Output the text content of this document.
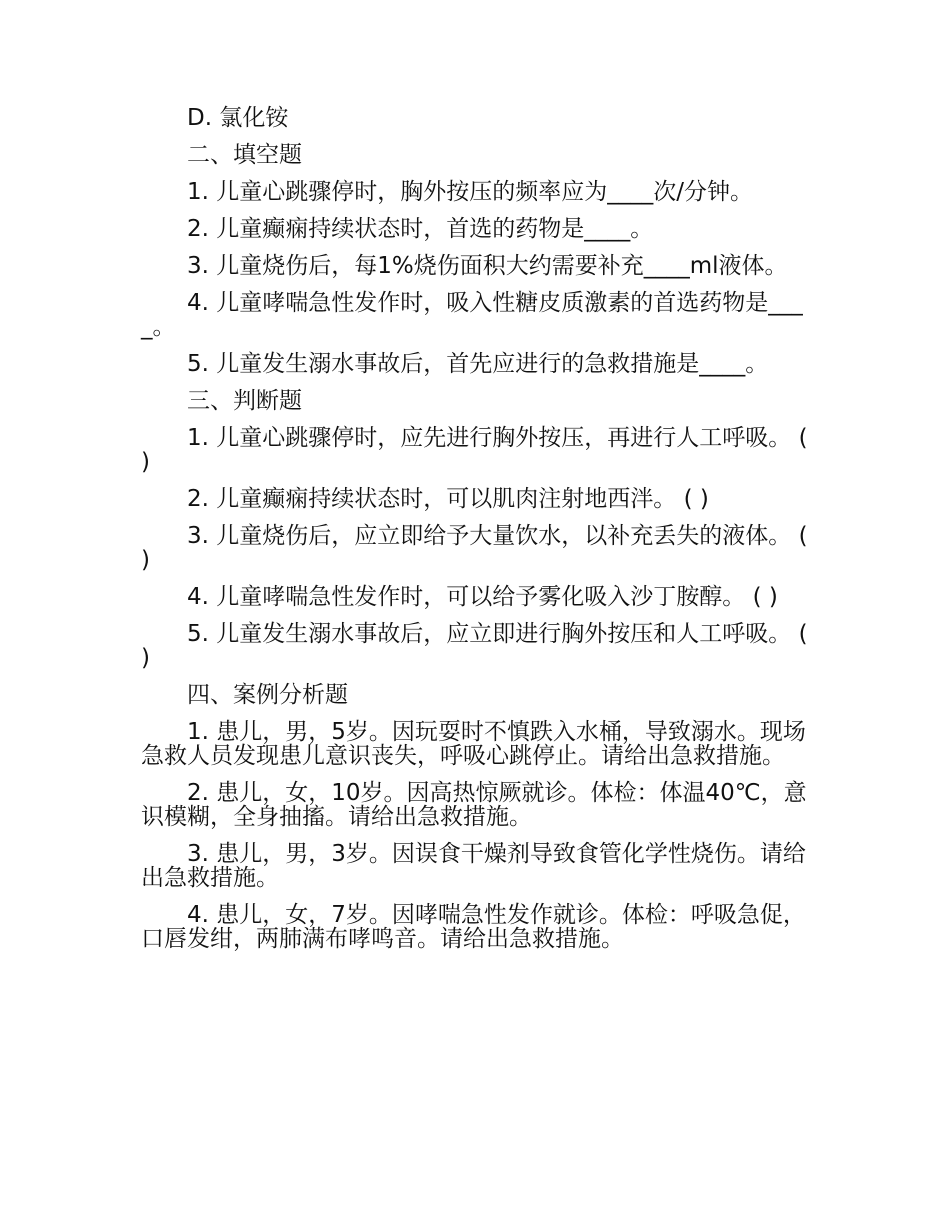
D. 氯化铵

二、填空题

1. 儿童心跳骤停时，胸外按压的频率应为____次/分钟。

2. 儿童癫痫持续状态时，首选的药物是____。

3. 儿童烧伤后，每1%烧伤面积大约需要补充____ml液体。

4. 儿童哮喘急性发作时，吸入性糖皮质激素的首选药物是____。

5. 儿童发生溺水事故后，首先应进行的急救措施是____。

三、判断题

1. 儿童心跳骤停时，应先进行胸外按压，再进行人工呼吸。 ( )

2. 儿童癫痫持续状态时，可以肌肉注射地西泮。 ( )

3. 儿童烧伤后，应立即给予大量饮水，以补充丢失的液体。 ( )

4. 儿童哮喘急性发作时，可以给予雾化吸入沙丁胺醇。 ( )

5. 儿童发生溺水事故后，应立即进行胸外按压和人工呼吸。 ( )

四、案例分析题

1. 患儿，男，5岁。因玩耍时不慎跌入水桶，导致溺水。现场急救人员发现患儿意识丧失，呼吸心跳停止。请给出急救措施。

2. 患儿，女，10岁。因高热惊厥就诊。体检：体温40℃，意识模糊，全身抽搐。请给出急救措施。

3. 患儿，男，3岁。因误食干燥剂导致食管化学性烧伤。请给出急救措施。

4. 患儿，女，7岁。因哮喘急性发作就诊。体检：呼吸急促，口唇发绀，两肺满布哮鸣音。请给出急救措施。
